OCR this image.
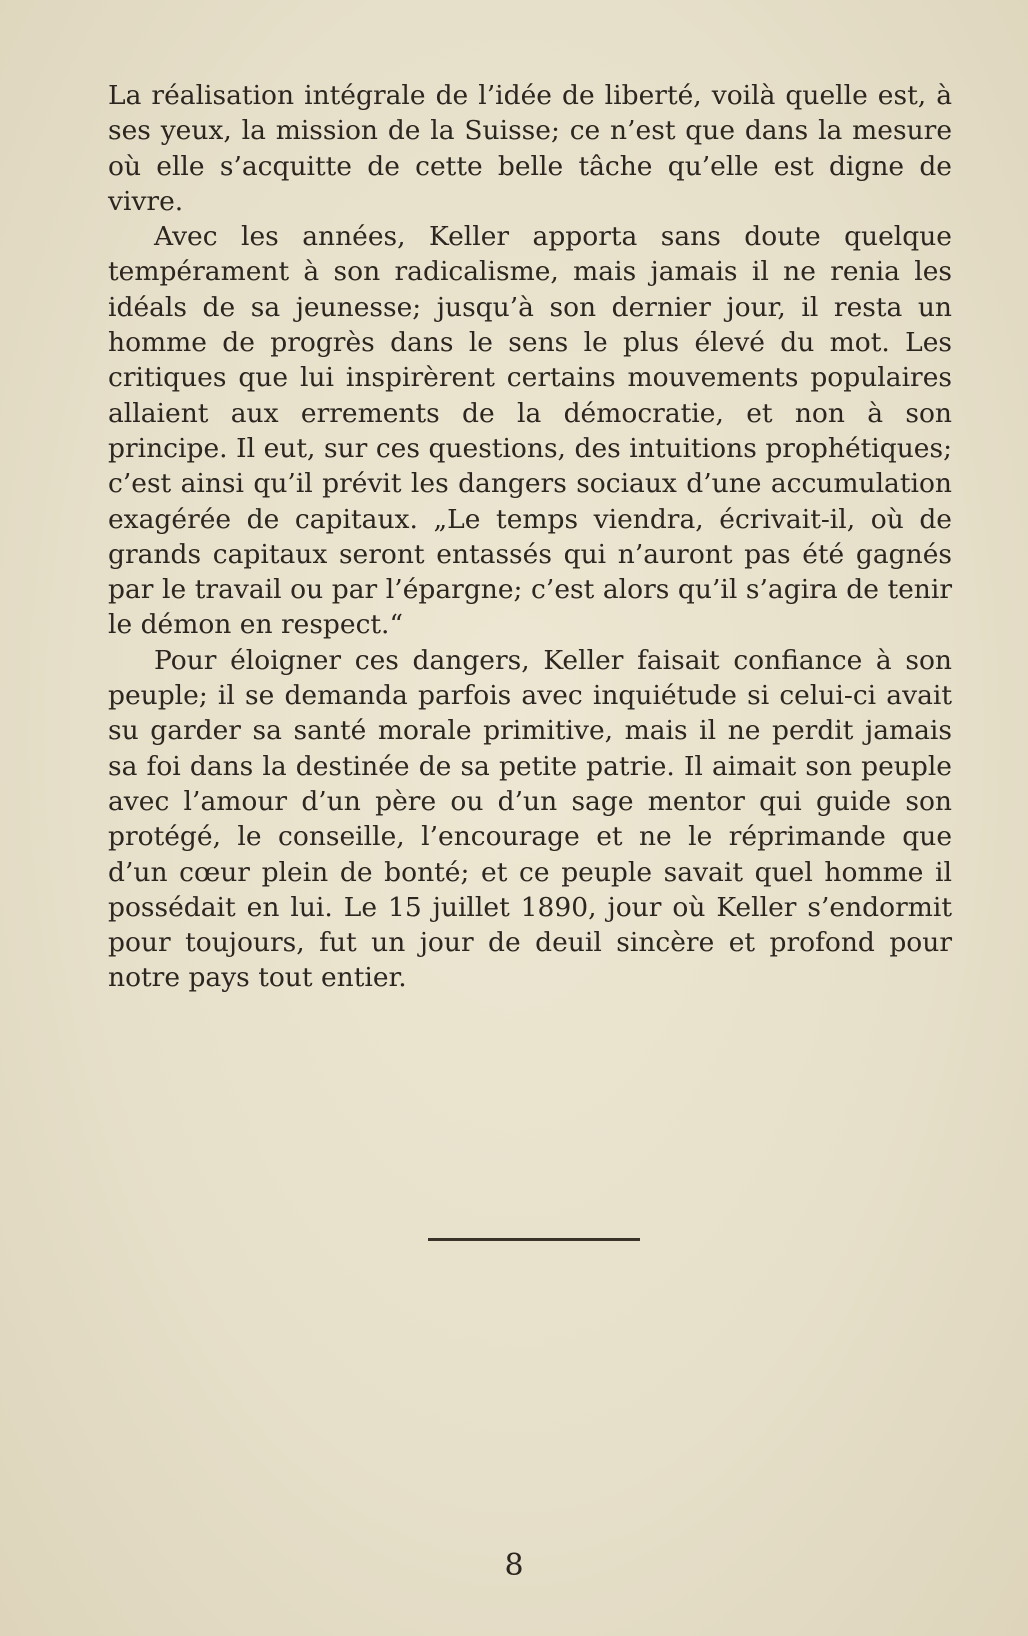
La réalisation intégrale de l’idée de liberté, voilà quelle est, à ses yeux, la mission de la Suisse; ce n’est que dans la mesure où elle s’acquitte de cette belle tâche qu’elle est digne de vivre.

Avec les années, Keller apporta sans doute quelque tempérament à son radicalisme, mais jamais il ne renia les idéals de sa jeunesse; jusqu’à son dernier jour, il resta un homme de progrès dans le sens le plus élevé du mot. Les critiques que lui inspirèrent certains mouvements populaires allaient aux errements de la démocratie, et non à son principe. Il eut, sur ces questions, des intuitions prophétiques; c’est ainsi qu’il prévit les dangers sociaux d’une accumulation exagérée de capitaux. „Le temps viendra, écrivait-il, où de grands capitaux seront entassés qui n’auront pas été gagnés par le travail ou par l’épargne; c’est alors qu’il s’agira de tenir le démon en respect.“

Pour éloigner ces dangers, Keller faisait confiance à son peuple; il se demanda parfois avec inquiétude si celui-ci avait su garder sa santé morale primitive, mais il ne perdit jamais sa foi dans la destinée de sa petite patrie. Il aimait son peuple avec l’amour d’un père ou d’un sage mentor qui guide son protégé, le conseille, l’encourage et ne le réprimande que d’un cœur plein de bonté; et ce peuple savait quel homme il possédait en lui. Le 15 juillet 1890, jour où Keller s’endormit pour toujours, fut un jour de deuil sincère et profond pour notre pays tout entier.

8
